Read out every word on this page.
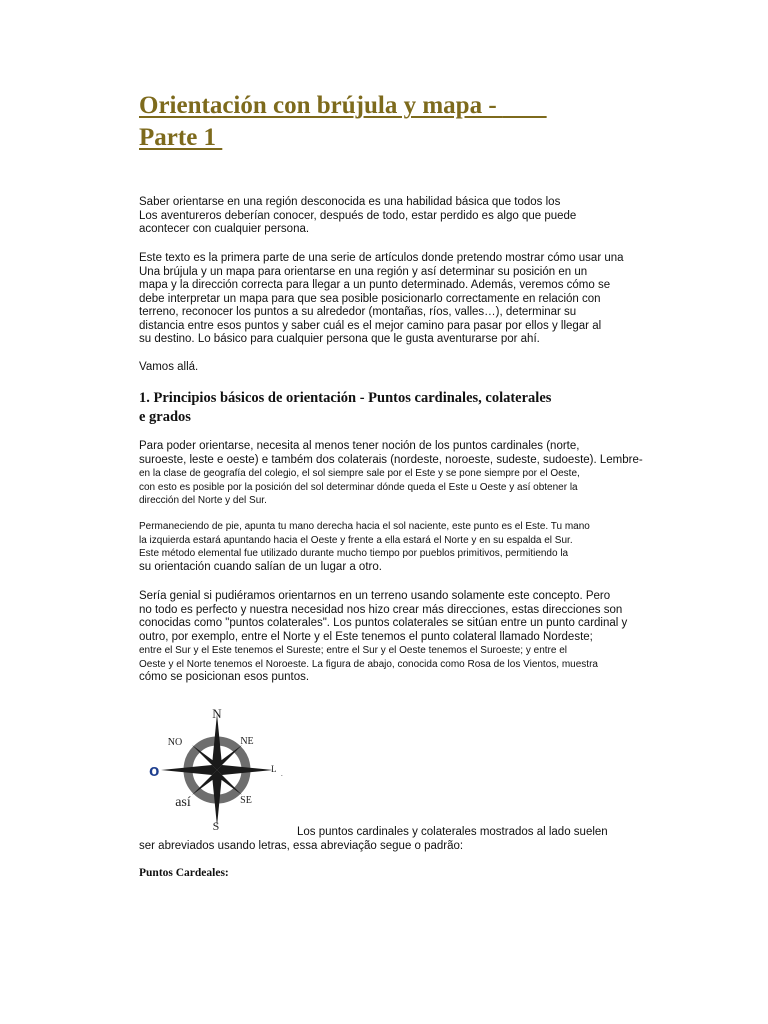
Orientación con brújula y mapa -
Parte 1
Saber orientarse en una región desconocida es una habilidad básica que todos los
Los aventureros deberían conocer, después de todo, estar perdido es algo que puede
acontecer con cualquier persona.
Este texto es la primera parte de una serie de artículos donde pretendo mostrar cómo usar una
Una brújula y un mapa para orientarse en una región y así determinar su posición en un
mapa y la dirección correcta para llegar a un punto determinado. Además, veremos cómo se
debe interpretar un mapa para que sea posible posicionarlo correctamente en relación con
terreno, reconocer los puntos a su alrededor (montañas, ríos, valles…), determinar su
distancia entre esos puntos y saber cuál es el mejor camino para pasar por ellos y llegar al
su destino. Lo básico para cualquier persona que le gusta aventurarse por ahí.
Vamos allá.
1. Principios básicos de orientación - Puntos cardinales, colaterales
e grados
Para poder orientarse, necesita al menos tener noción de los puntos cardinales (norte,
suroeste, leste e oeste) e também dos colaterais (nordeste, noroeste, sudeste, sudoeste). Lembre-
en la clase de geografía del colegio, el sol siempre sale por el Este y se pone siempre por el Oeste,
con esto es posible por la posición del sol determinar dónde queda el Este u Oeste y así obtener la
dirección del Norte y del Sur.
Permaneciendo de pie, apunta tu mano derecha hacia el sol naciente, este punto es el Este. Tu mano
la izquierda estará apuntando hacia el Oeste y frente a ella estará el Norte y en su espalda el Sur.
Este método elemental fue utilizado durante mucho tiempo por pueblos primitivos, permitiendo la
su orientación cuando salían de un lugar a otro.
Sería genial si pudiéramos orientarnos en un terreno usando solamente este concepto. Pero
no todo es perfecto y nuestra necesidad nos hizo crear más direcciones, estas direcciones son
conocidas como "puntos colaterales". Los puntos colaterales se sitúan entre un punto cardinal y
outro, por exemplo, entre el Norte y el Este tenemos el punto colateral llamado Nordeste;
entre el Sur y el Este tenemos el Sureste; entre el Sur y el Oeste tenemos el Suroeste; y entre el
Oeste y el Norte tenemos el Noroeste. La figura de abajo, conocida como Rosa de los Vientos, muestra
cómo se posicionan esos puntos.
N
NO	NE
L .
o
así	SE
S	Los puntos cardinales y colaterales mostrados al lado suelen
ser abreviados usando letras, essa abreviação segue o padrão:
Puntos Cardeales:
